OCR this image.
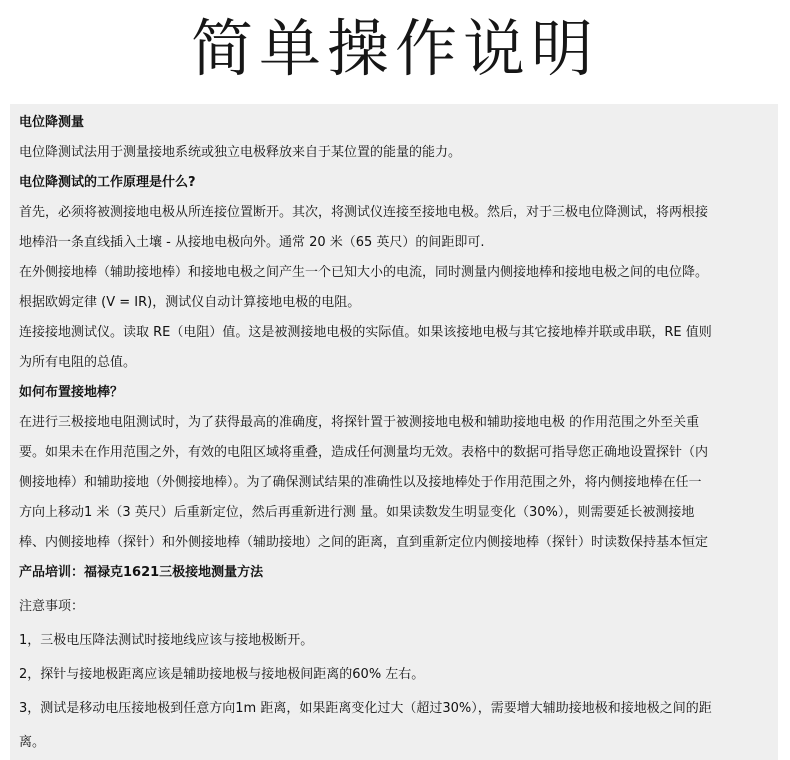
简单操作说明
电位降测量
电位降测试法用于测量接地系统或独立电极释放来自于某位置的能量的能力。
电位降测试的工作原理是什么?
首先，必须将被测接地电极从所连接位置断开。其次，将测试仪连接至接地电极。然后，对于三极电位降测试，将两根接
地棒沿一条直线插入土壤 - 从接地电极向外。通常 20 米（65 英尺）的间距即可.
在外侧接地棒（辅助接地棒）和接地电极之间产生一个已知大小的电流，同时测量内侧接地棒和接地电极之间的电位降。
根据欧姆定律 (V = IR)，测试仪自动计算接地电极的电阻。
连接接地测试仪。读取 RE（电阻）值。这是被测接地电极的实际值。如果该接地电极与其它接地棒并联或串联，RE 值则
为所有电阻的总值。
如何布置接地棒？
在进行三极接地电阻测试时，为了获得最高的准确度，将探针置于被测接地电极和辅助接地电极 的作用范围之外至关重
要。如果未在作用范围之外，有效的电阻区域将重叠，造成任何测量均无效。表格中的数据可指导您正确地设置探针（内
侧接地棒）和辅助接地（外侧接地棒）。为了确保测试结果的准确性以及接地棒处于作用范围之外，将内侧接地棒在任一
方向上移动1 米（3 英尺）后重新定位，然后再重新进行测 量。如果读数发生明显变化（30%），则需要延长被测接地
棒、内侧接地棒（探针）和外侧接地棒（辅助接地）之间的距离，直到重新定位内侧接地棒（探针）时读数保持基本恒定
产品培训：福禄克1621三极接地测量方法
注意事项：
1，三极电压降法测试时接地线应该与接地极断开。
2，探针与接地极距离应该是辅助接地极与接地极间距离的60% 左右。
3，测试是移动电压接地极到任意方向1m 距离，如果距离变化过大（超过30%），需要增大辅助接地极和接地极之间的距
离。
